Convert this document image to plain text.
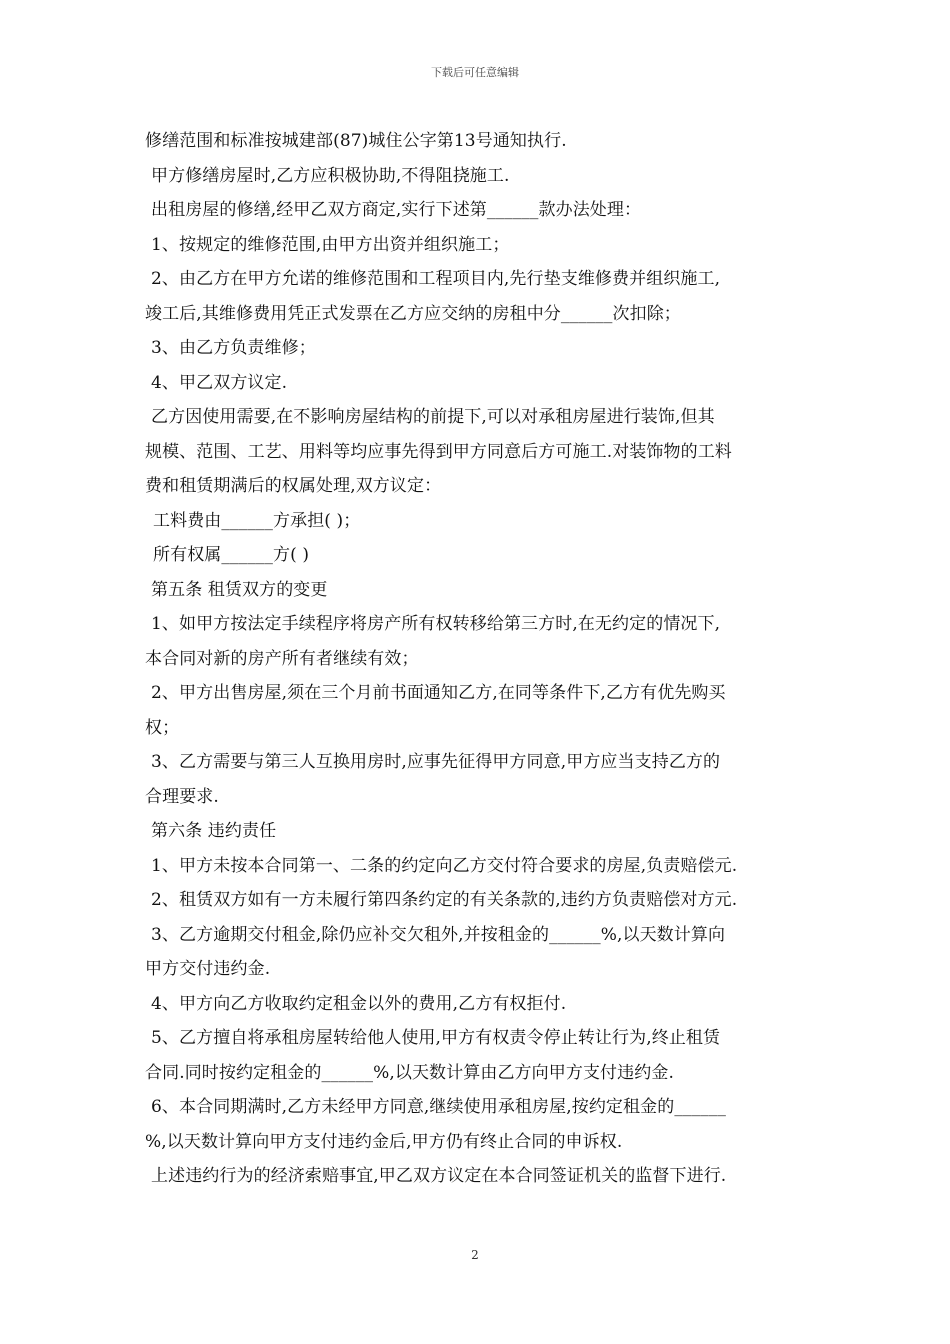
下载后可任意编辑
修缮范围和标准按城建部(87)城住公字第13号通知执行.
甲方修缮房屋时,乙方应积极协助,不得阻挠施工.
出租房屋的修缮,经甲乙双方商定,实行下述第______款办法处理：
1、按规定的维修范围,由甲方出资并组织施工；
2、由乙方在甲方允诺的维修范围和工程项目内,先行垫支维修费并组织施工,
竣工后,其维修费用凭正式发票在乙方应交纳的房租中分______次扣除；
3、由乙方负责维修；
4、甲乙双方议定.
乙方因使用需要,在不影响房屋结构的前提下,可以对承租房屋进行装饰,但其
规模、范围、工艺、用料等均应事先得到甲方同意后方可施工.对装饰物的工料
费和租赁期满后的权属处理,双方议定：
工料费由______方承担( )；
所有权属______方( )
第五条 租赁双方的变更
1、如甲方按法定手续程序将房产所有权转移给第三方时,在无约定的情况下,
本合同对新的房产所有者继续有效；
2、甲方出售房屋,须在三个月前书面通知乙方,在同等条件下,乙方有优先购买
权；
3、乙方需要与第三人互换用房时,应事先征得甲方同意,甲方应当支持乙方的
合理要求.
第六条 违约责任
1、甲方未按本合同第一、二条的约定向乙方交付符合要求的房屋,负责赔偿元.
2、租赁双方如有一方未履行第四条约定的有关条款的,违约方负责赔偿对方元.
3、乙方逾期交付租金,除仍应补交欠租外,并按租金的______%,以天数计算向
甲方交付违约金.
4、甲方向乙方收取约定租金以外的费用,乙方有权拒付.
5、乙方擅自将承租房屋转给他人使用,甲方有权责令停止转让行为,终止租赁
合同.同时按约定租金的______%,以天数计算由乙方向甲方支付违约金.
6、本合同期满时,乙方未经甲方同意,继续使用承租房屋,按约定租金的______
%,以天数计算向甲方支付违约金后,甲方仍有终止合同的申诉权.
上述违约行为的经济索赔事宜,甲乙双方议定在本合同签证机关的监督下进行.
2
